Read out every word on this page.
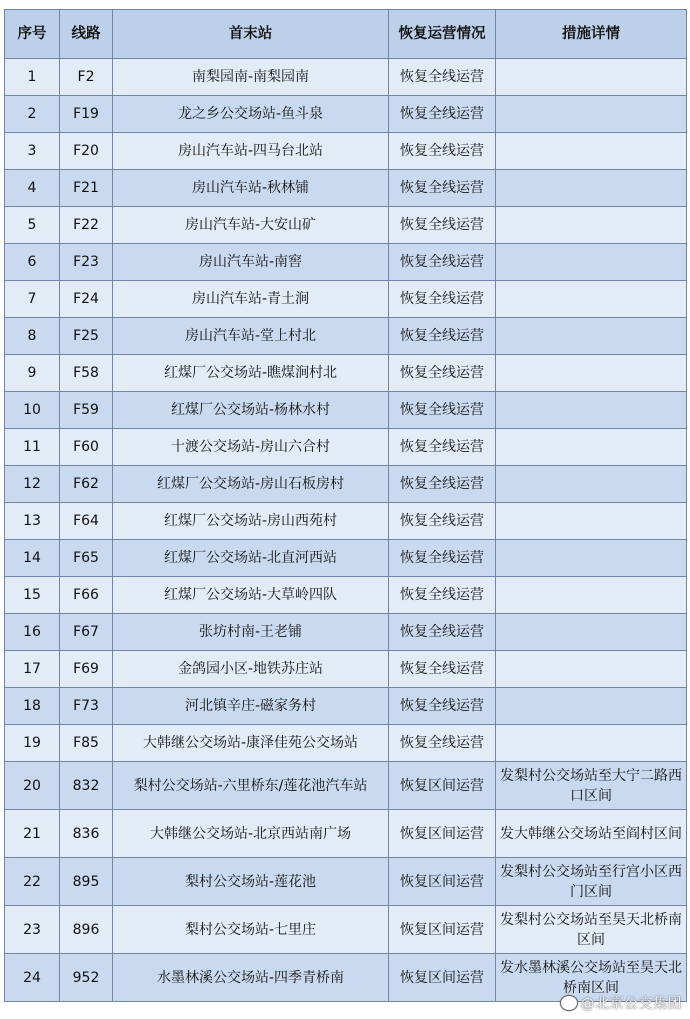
序号	线路	首末站	恢复运营情况	措施详情
1	F2	南梨园南-南梨园南	恢复全线运营	
2	F19	龙之乡公交场站-鱼斗泉	恢复全线运营	
3	F20	房山汽车站-四马台北站	恢复全线运营	
4	F21	房山汽车站-秋林铺	恢复全线运营	
5	F22	房山汽车站-大安山矿	恢复全线运营	
6	F23	房山汽车站-南窖	恢复全线运营	
7	F24	房山汽车站-青土涧	恢复全线运营	
8	F25	房山汽车站-堂上村北	恢复全线运营	
9	F58	红煤厂公交场站-瞧煤涧村北	恢复全线运营	
10	F59	红煤厂公交场站-杨林水村	恢复全线运营	
11	F60	十渡公交场站-房山六合村	恢复全线运营	
12	F62	红煤厂公交场站-房山石板房村	恢复全线运营	
13	F64	红煤厂公交场站-房山西苑村	恢复全线运营	
14	F65	红煤厂公交场站-北直河西站	恢复全线运营	
15	F66	红煤厂公交场站-大草岭四队	恢复全线运营	
16	F67	张坊村南-王老铺	恢复全线运营	
17	F69	金鸽园小区-地铁苏庄站	恢复全线运营	
18	F73	河北镇辛庄-磁家务村	恢复全线运营	
19	F85	大韩继公交场站-康泽佳苑公交场站	恢复全线运营	
20	832	梨村公交场站-六里桥东/莲花池汽车站	恢复区间运营	发梨村公交场站至大宁二路西口区间
21	836	大韩继公交场站-北京西站南广场	恢复区间运营	发大韩继公交场站至阎村区间
22	895	梨村公交场站-莲花池	恢复区间运营	发梨村公交场站至行宫小区西门区间
23	896	梨村公交场站-七里庄	恢复区间运营	发梨村公交场站至昊天北桥南区间
24	952	水墨林溪公交场站-四季青桥南	恢复区间运营	发水墨林溪公交场站至昊天北桥南区间
@北京公交集团
